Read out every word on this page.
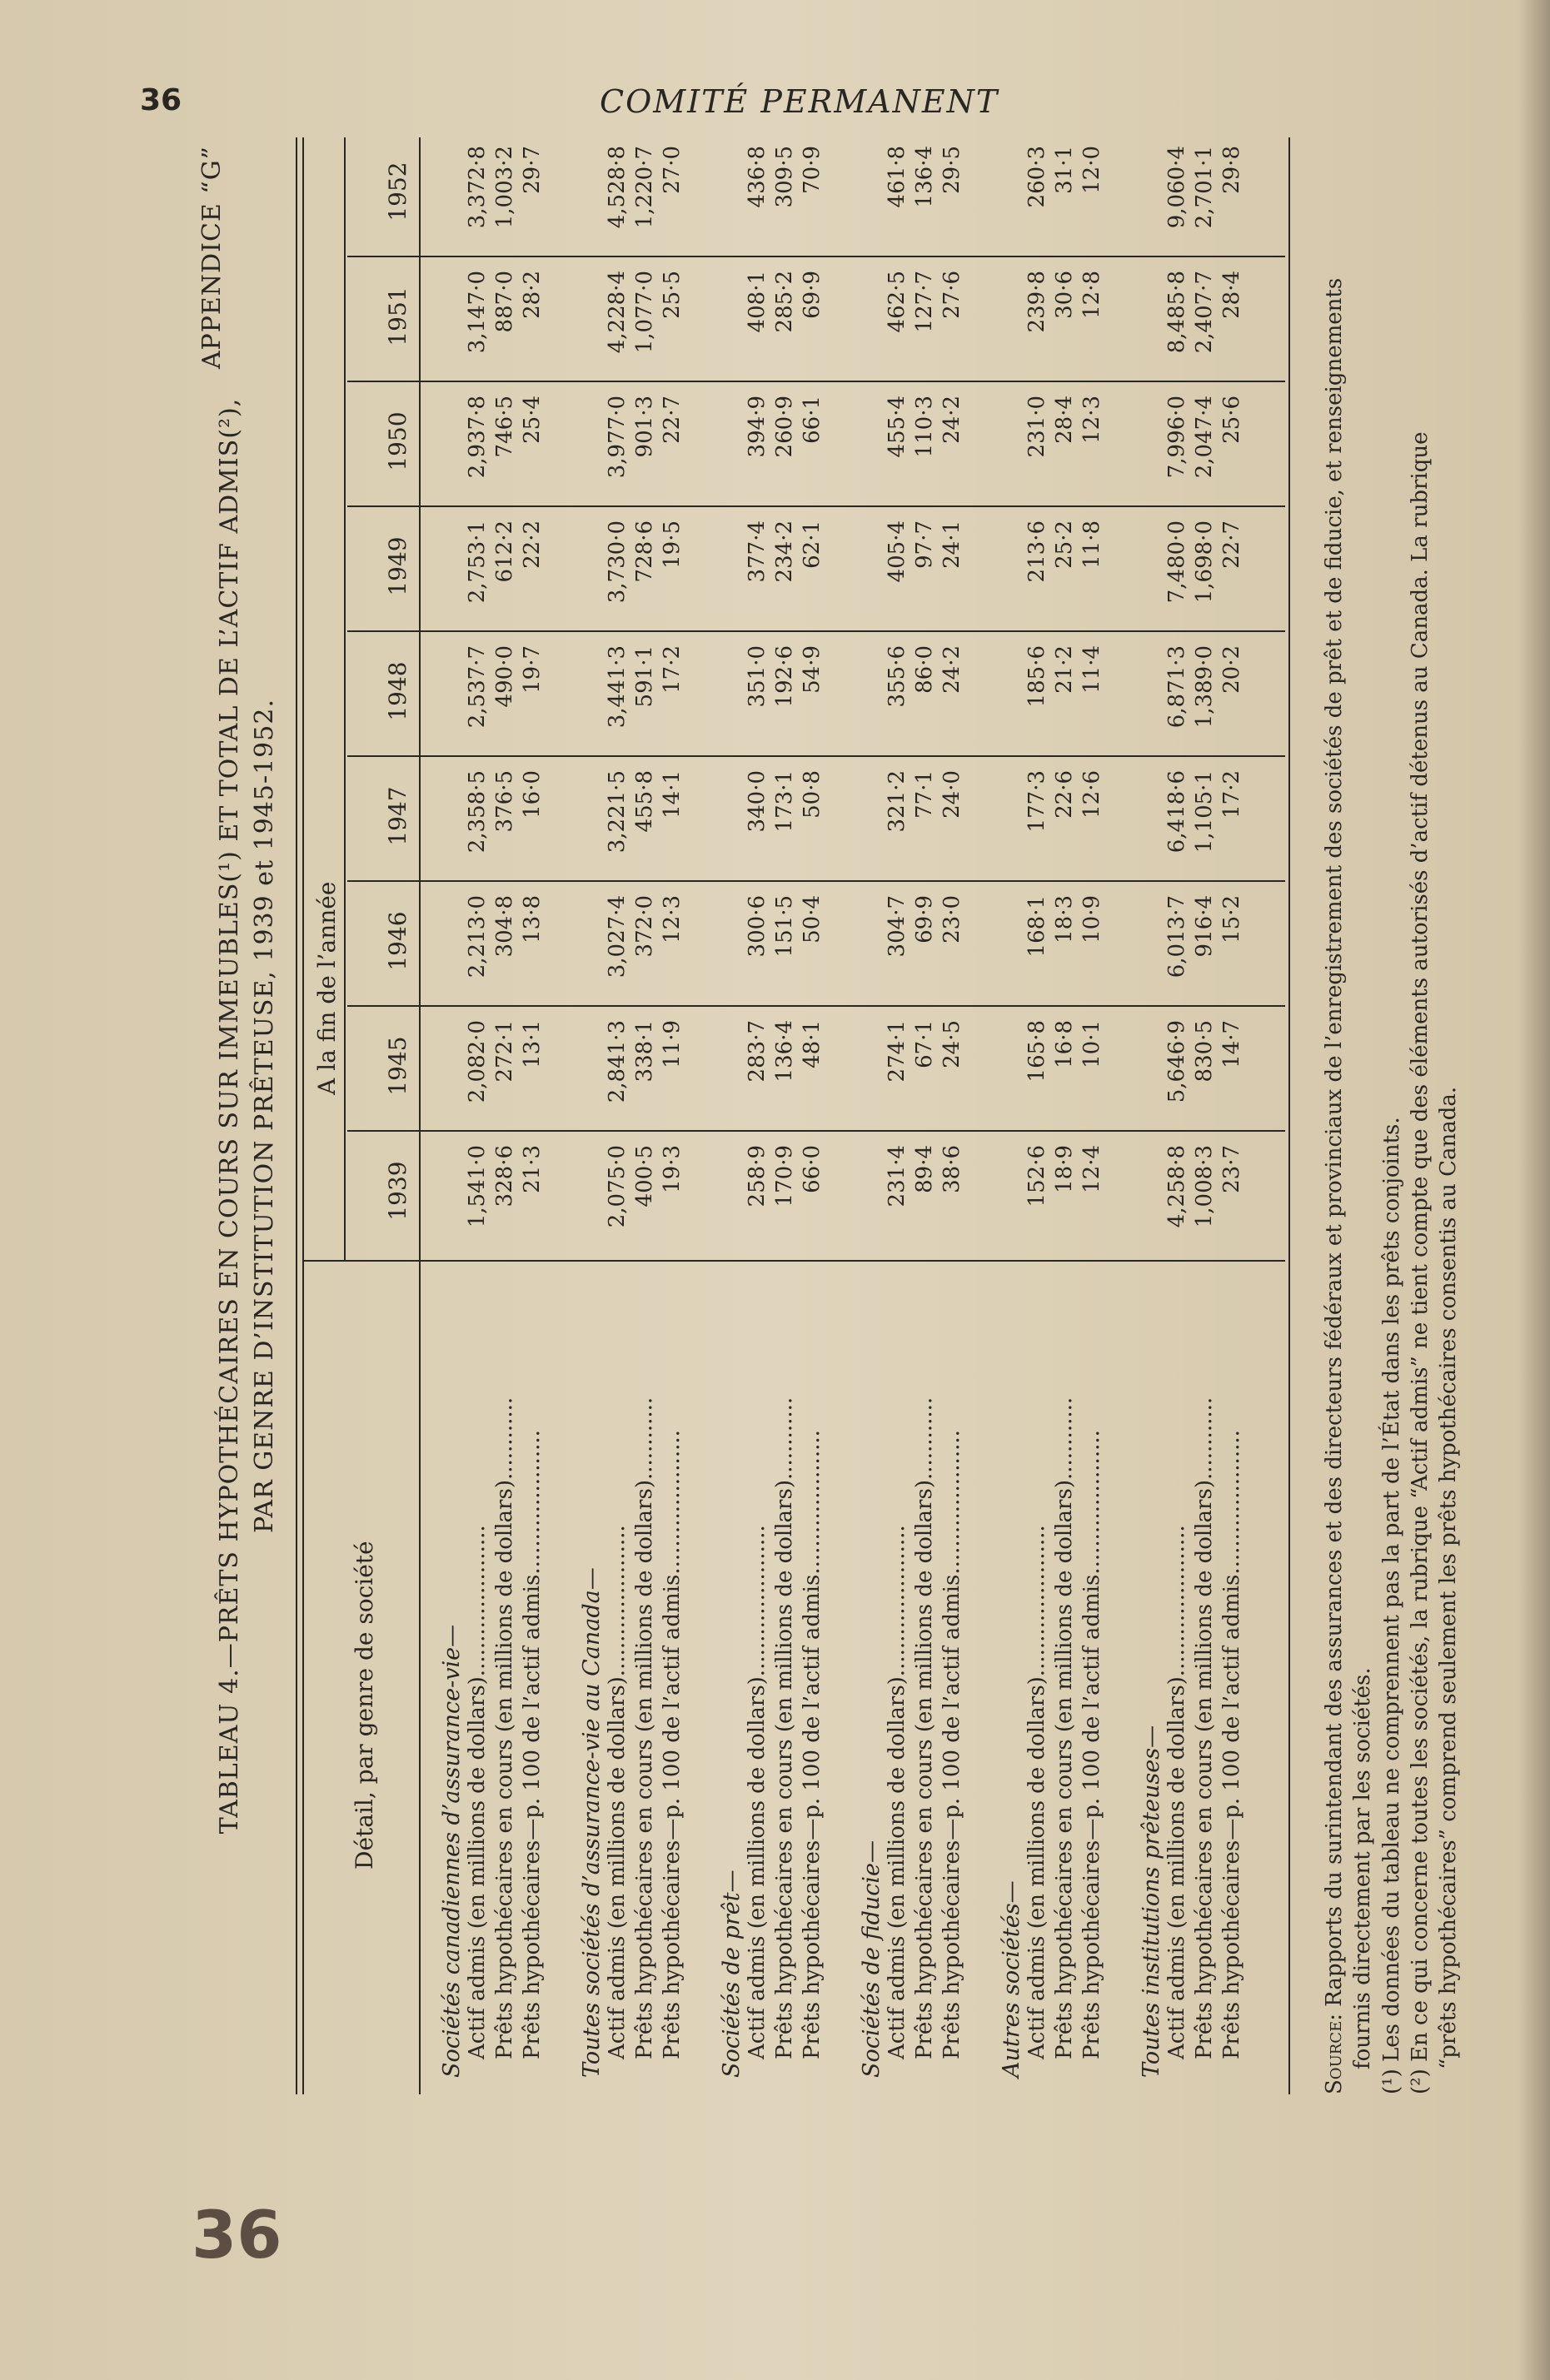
36	COMITÉ PERMANENT
36
APPENDICE “G”
TABLEAU 4.—PRÊTS HYPOTHÉCAIRES EN COURS SUR IMMEUBLES(¹) ET TOTAL DE L’ACTIF ADMIS(²), PAR GENRE D’INSTITUTION PRÊTEUSE, 1939 et 1945-1952.
Détail, par genre de société
A la fin de l’année
1939
1945
1946
1947
1948
1949
1950
1951
1952
Sociétés canadiennes d’assurance-vie— Actif admis (en millions de dollars)......................
1,541·0
2,082·0
2,213·0
2,358·5
2,537·7
2,753·1
2,937·8
3,147·0
3,372·8
Prêts hypothécaires en cours (en millions de dollars)............
328·6
272·1
304·8
376·5
490·0
612·2
746·5
887·0
1,003·2
Prêts hypothécaires—p. 100 de l’actif admis.....................
21·3
13·1
13·8
16·0
19·7
22·2
25·4
28·2
29·7
Toutes sociétés d’assurance-vie au Canada— Actif admis (en millions de dollars)......................
2,075·0
2,841·3
3,027·4
3,221·5
3,441·3
3,730·0
3,977·0
4,228·4
4,528·8
Prêts hypothécaires en cours (en millions de dollars)............
400·5
338·1
372·0
455·8
591·1
728·6
901·3
1,077·0
1,220·7
Prêts hypothécaires—p. 100 de l’actif admis.....................
19·3
11·9
12·3
14·1
17·2
19·5
22·7
25·5
27·0
Sociétés de prêt— Actif admis (en millions de dollars)......................
258·9
283·7
300·6
340·0
351·0
377·4
394·9
408·1
436·8
Prêts hypothécaires en cours (en millions de dollars)............
170·9
136·4
151·5
173·1
192·6
234·2
260·9
285·2
309·5
Prêts hypothécaires—p. 100 de l’actif admis.....................
66·0
48·1
50·4
50·8
54·9
62·1
66·1
69·9
70·9
Sociétés de fiducie— Actif admis (en millions de dollars)......................
231·4
274·1
304·7
321·2
355·6
405·4
455·4
462·5
461·8
Prêts hypothécaires en cours (en millions de dollars)............
89·4
67·1
69·9
77·1
86·0
97·7
110·3
127·7
136·4
Prêts hypothécaires—p. 100 de l’actif admis.....................
38·6
24·5
23·0
24·0
24·2
24·1
24·2
27·6
29·5
Autres sociétés— Actif admis (en millions de dollars)......................
152·6
165·8
168·1
177·3
185·6
213·6
231·0
239·8
260·3
Prêts hypothécaires en cours (en millions de dollars)............
18·9
16·8
18·3
22·6
21·2
25·2
28·4
30·6
31·1
Prêts hypothécaires—p. 100 de l’actif admis.....................
12·4
10·1
10·9
12·6
11·4
11·8
12·3
12·8
12·0
Toutes institutions prêteuses— Actif admis (en millions de dollars)......................
4,258·8
5,646·9
6,013·7
6,418·6
6,871·3
7,480·0
7,996·0
8,485·8
9,060·4
Prêts hypothécaires en cours (en millions de dollars)............
1,008·3
830·5
916·4
1,105·1
1,389·0
1,698·0
2,047·4
2,407·7
2,701·1
Prêts hypothécaires—p. 100 de l’actif admis.....................
23·7
14·7
15·2
17·2
20·2
22·7
25·6
28·4
29·8

Source: Rapports du surintendant des assurances et des directeurs fédéraux et provinciaux de l’enregistrement des sociétés de prêt et de fiducie, et renseignements fournis directement par les sociétés. (¹) Les données du tableau ne comprennent pas la part de l’État dans les prêts conjoints. (²) En ce qui concerne toutes les sociétés, la rubrique “Actif admis” ne tient compte que des éléments autorisés d’actif détenus au Canada. La rubrique “prêts hypothécaires” comprend seulement les prêts hypothécaires consentis au Canada.
